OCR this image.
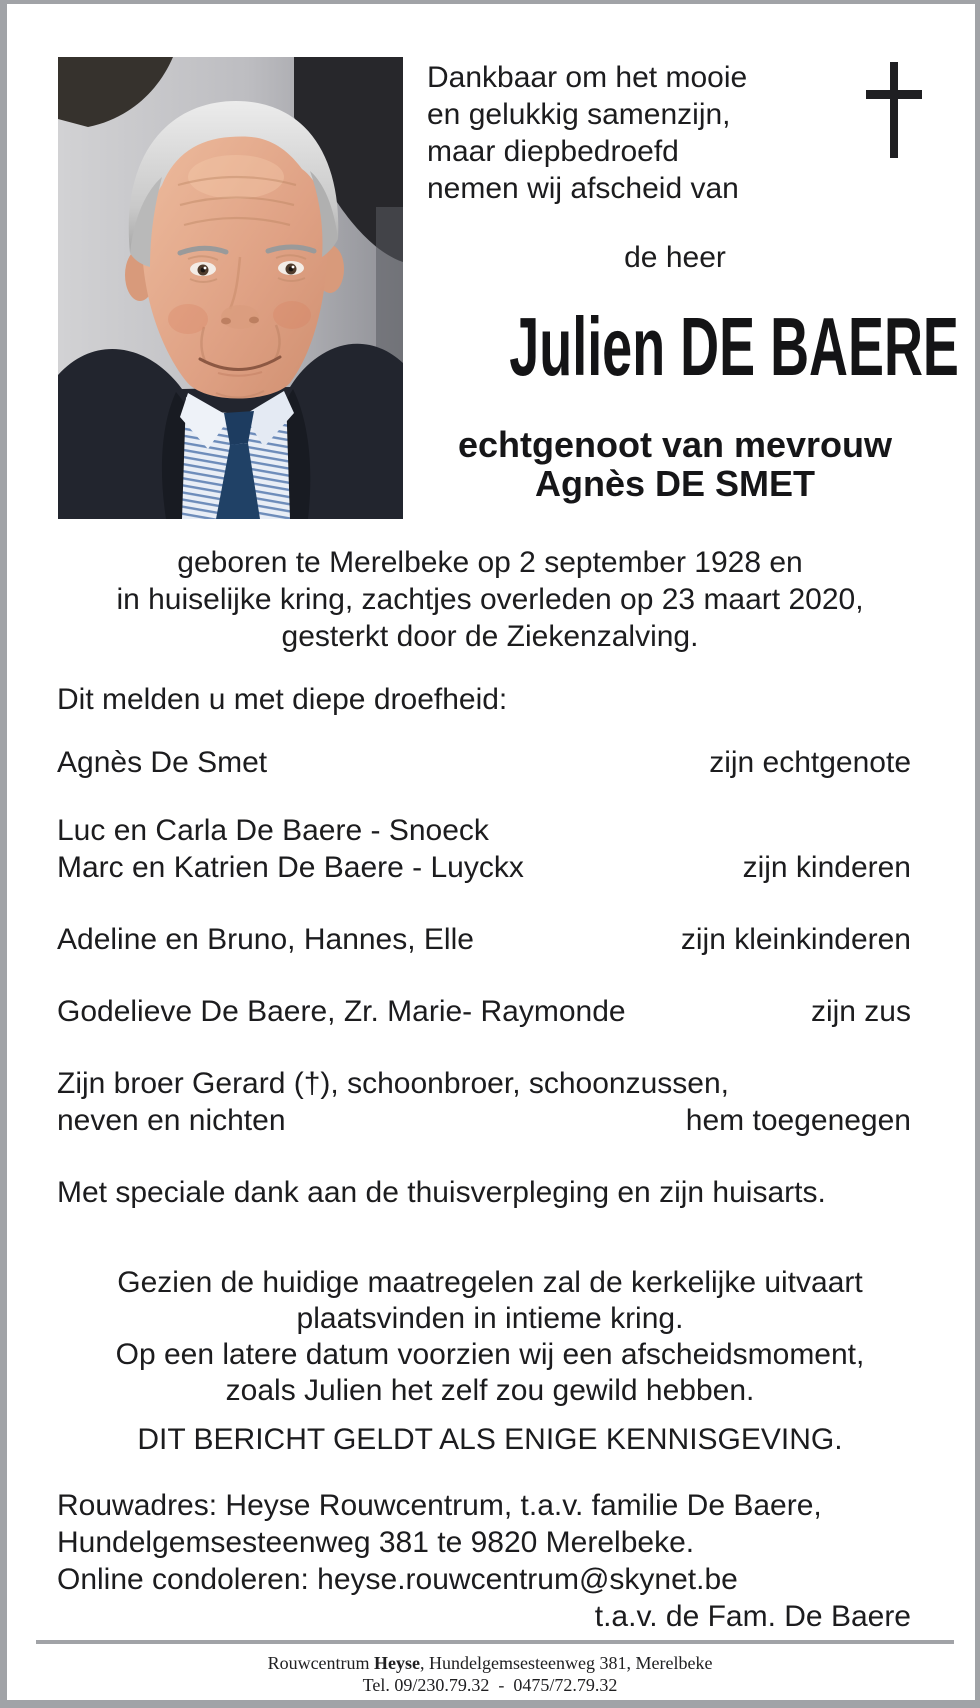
Dankbaar om het mooie
en gelukkig samenzijn,
maar diepbedroefd
nemen wij afscheid van
de heer
Julien DE BAERE
echtgenoot van mevrouw
Agnès DE SMET
geboren te Merelbeke op 2 september 1928 en
in huiselijke kring, zachtjes overleden op 23 maart 2020,
gesterkt door de Ziekenzalving.
Dit melden u met diepe droefheid:
Agnès De Smet	zijn echtgenote
Luc en Carla De Baere - Snoeck
Marc en Katrien De Baere - Luyckx	zijn kinderen
Adeline en Bruno, Hannes, Elle	zijn kleinkinderen
Godelieve De Baere, Zr. Marie- Raymonde	zijn zus
Zijn broer Gerard (†), schoonbroer, schoonzussen,
neven en nichten	hem toegenegen
Met speciale dank aan de thuisverpleging en zijn huisarts.
Gezien de huidige maatregelen zal de kerkelijke uitvaart
plaatsvinden in intieme kring.
Op een latere datum voorzien wij een afscheidsmoment,
zoals Julien het zelf zou gewild hebben.
DIT BERICHT GELDT ALS ENIGE KENNISGEVING.
Rouwadres: Heyse Rouwcentrum, t.a.v. familie De Baere,
Hundelgemsesteenweg 381 te 9820 Merelbeke.
Online condoleren: heyse.rouwcentrum@skynet.be
t.a.v. de Fam. De Baere
Rouwcentrum Heyse, Hundelgemsesteenweg 381, Merelbeke
Tel. 09/230.79.32  -  0475/72.79.32
